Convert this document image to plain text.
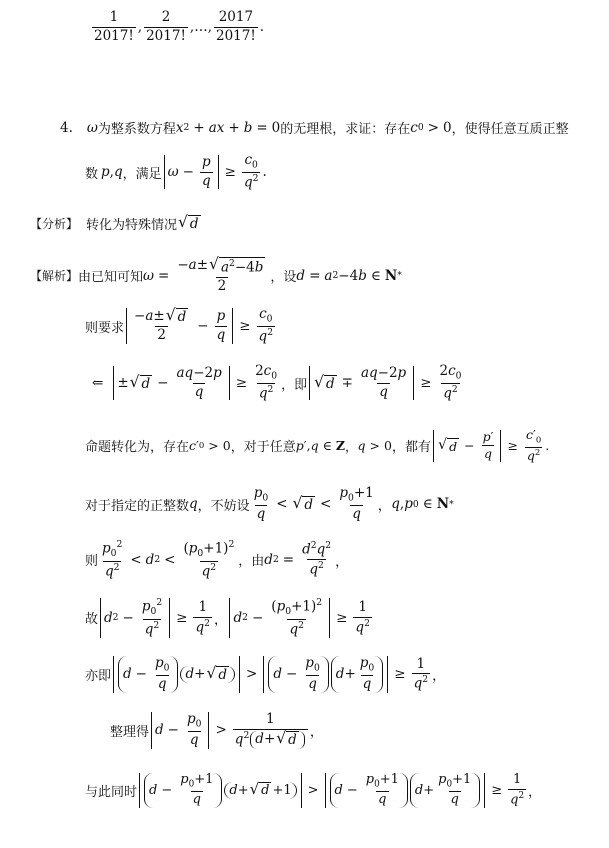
$\frac{1}{2017!}$ , $\frac{2}{2017!}$ , … , $\frac{2017}{2017!}$ .
4. ω 为整系数方程 x 2 + ax + b = 0 的无理根，求证：存在 c 0 > 0 ，使得任意互质正整
数 p , q ，满足 $\omega - \frac{p}{q} \ge \frac{c_0}{q^2}$ .
【分析】 转化为特殊情况 √ d
【解析】 由已知可知 $\omega = \frac{-a\pm √ a^2-4b}{2}$ ，设 d = a 2 −4 b ∈ N *
则要求 $\frac{-a\pm √ d}{2} - \frac{p}{q} \ge \frac{c_0}{q^2}$
⇐ ± √ $d - \frac{aq-2p}{q} \ge \frac{2c_0}{q^2}$ ，即 √ $d \mp \frac{aq-2p}{q} \ge \frac{2c_0}{q^2}$
命题转化为，存在 c ′ 0 > 0 ，对于任意 p ′, q ∈ Z ， q > 0 ，都有 √ $d - \frac{p'}{q} \ge \frac{c'_0}{q^2}$ .
对于指定的正整数 q ，不妨设 $\frac{p_0}{q}$ < √ $d < \frac{p_0+1}{q}$ ， q , p 0 ∈ N *
则 $\frac{p_0^2}{q^2} < d$ $2 < \frac{(p_0+1)^2}{q^2}$ ，由 d $2 = \frac{d^2q^2}{q^2}$ ，
故 d $2 - \frac{p_0^2}{q^2} \ge \frac{1}{q^2}$ ， d $2 - \frac{(p_0+1)^2}{q^2} \ge \frac{1}{q^2}$
亦即 $d - \frac{p_0}{q}$ d + √ $d > d - \frac{p_0}{q}$ $d + \frac{p_0}{q} \ge \frac{1}{q^2}$ ，
整理得 $d - \frac{p_0}{q} > \frac{1}{q^2 d + √ d}$ ，
与此同时 $d - \frac{p_0+1}{q}$ d + √ d +1	> $d - \frac{p_0+1}{q}$ $d + \frac{p_0+1}{q} \ge \frac{1}{q^2}$ ，
